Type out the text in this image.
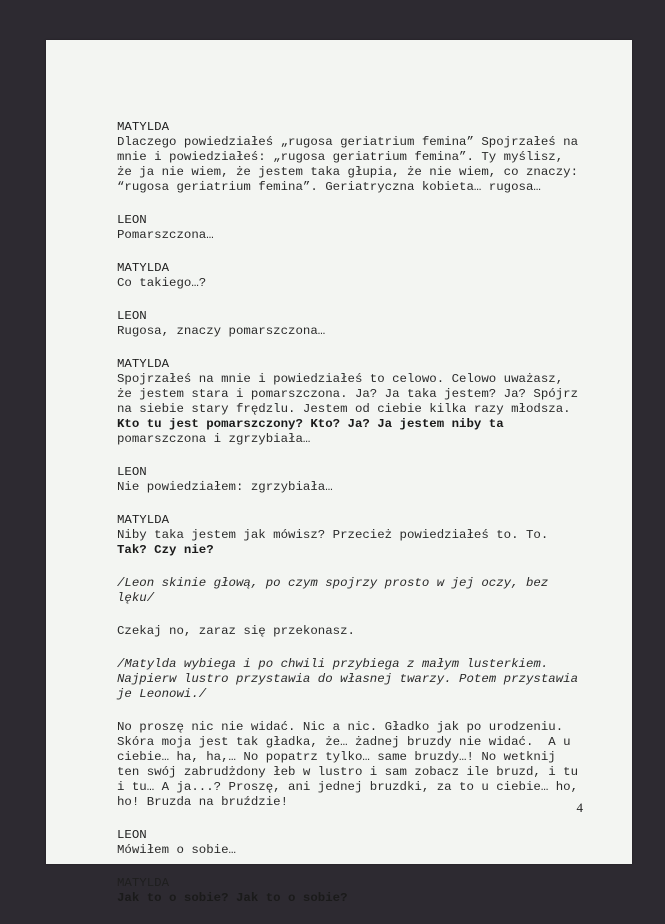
MATYLDA
Dlaczego powiedziałeś „rugosa geriatrium femina” Spojrzałeś na
mnie i powiedziałeś: „rugosa geriatrium femina”. Ty myślisz,
że ja nie wiem, że jestem taka głupia, że nie wiem, co znaczy:
“rugosa geriatrium femina”. Geriatryczna kobieta… rugosa…
LEON
Pomarszczona…
MATYLDA
Co takiego…?
LEON
Rugosa, znaczy pomarszczona…
MATYLDA
Spojrzałeś na mnie i powiedziałeś to celowo. Celowo uważasz,
że jestem stara i pomarszczona. Ja? Ja taka jestem? Ja? Spójrz
na siebie stary frędzlu. Jestem od ciebie kilka razy młodsza.
Kto tu jest pomarszczony? Kto? Ja? Ja jestem niby ta
pomarszczona i zgrzybiała…
LEON
Nie powiedziałem: zgrzybiała…
MATYLDA
Niby taka jestem jak mówisz? Przecież powiedziałeś to. To.
Tak? Czy nie?
/Leon skinie głową, po czym spojrzy prosto w jej oczy, bez
lęku/
Czekaj no, zaraz się przekonasz.
/Matylda wybiega i po chwili przybiega z małym lusterkiem.
Najpierw lustro przystawia do własnej twarzy. Potem przystawia
je Leonowi./
No proszę nic nie widać. Nic a nic. Gładko jak po urodzeniu.
Skóra moja jest tak gładka, że… żadnej bruzdy nie widać.  A u
ciebie… ha, ha,… No popatrz tylko… same bruzdy…! No wetknij
ten swój zabrudżdony łeb w lustro i sam zobacz ile bruzd, i tu
i tu… A ja...? Proszę, ani jednej bruzdki, za to u ciebie… ho,
ho! Bruzda na bruździe!
LEON
Mówiłem o sobie…
MATYLDA
Jak to o sobie? Jak to o sobie?
4
